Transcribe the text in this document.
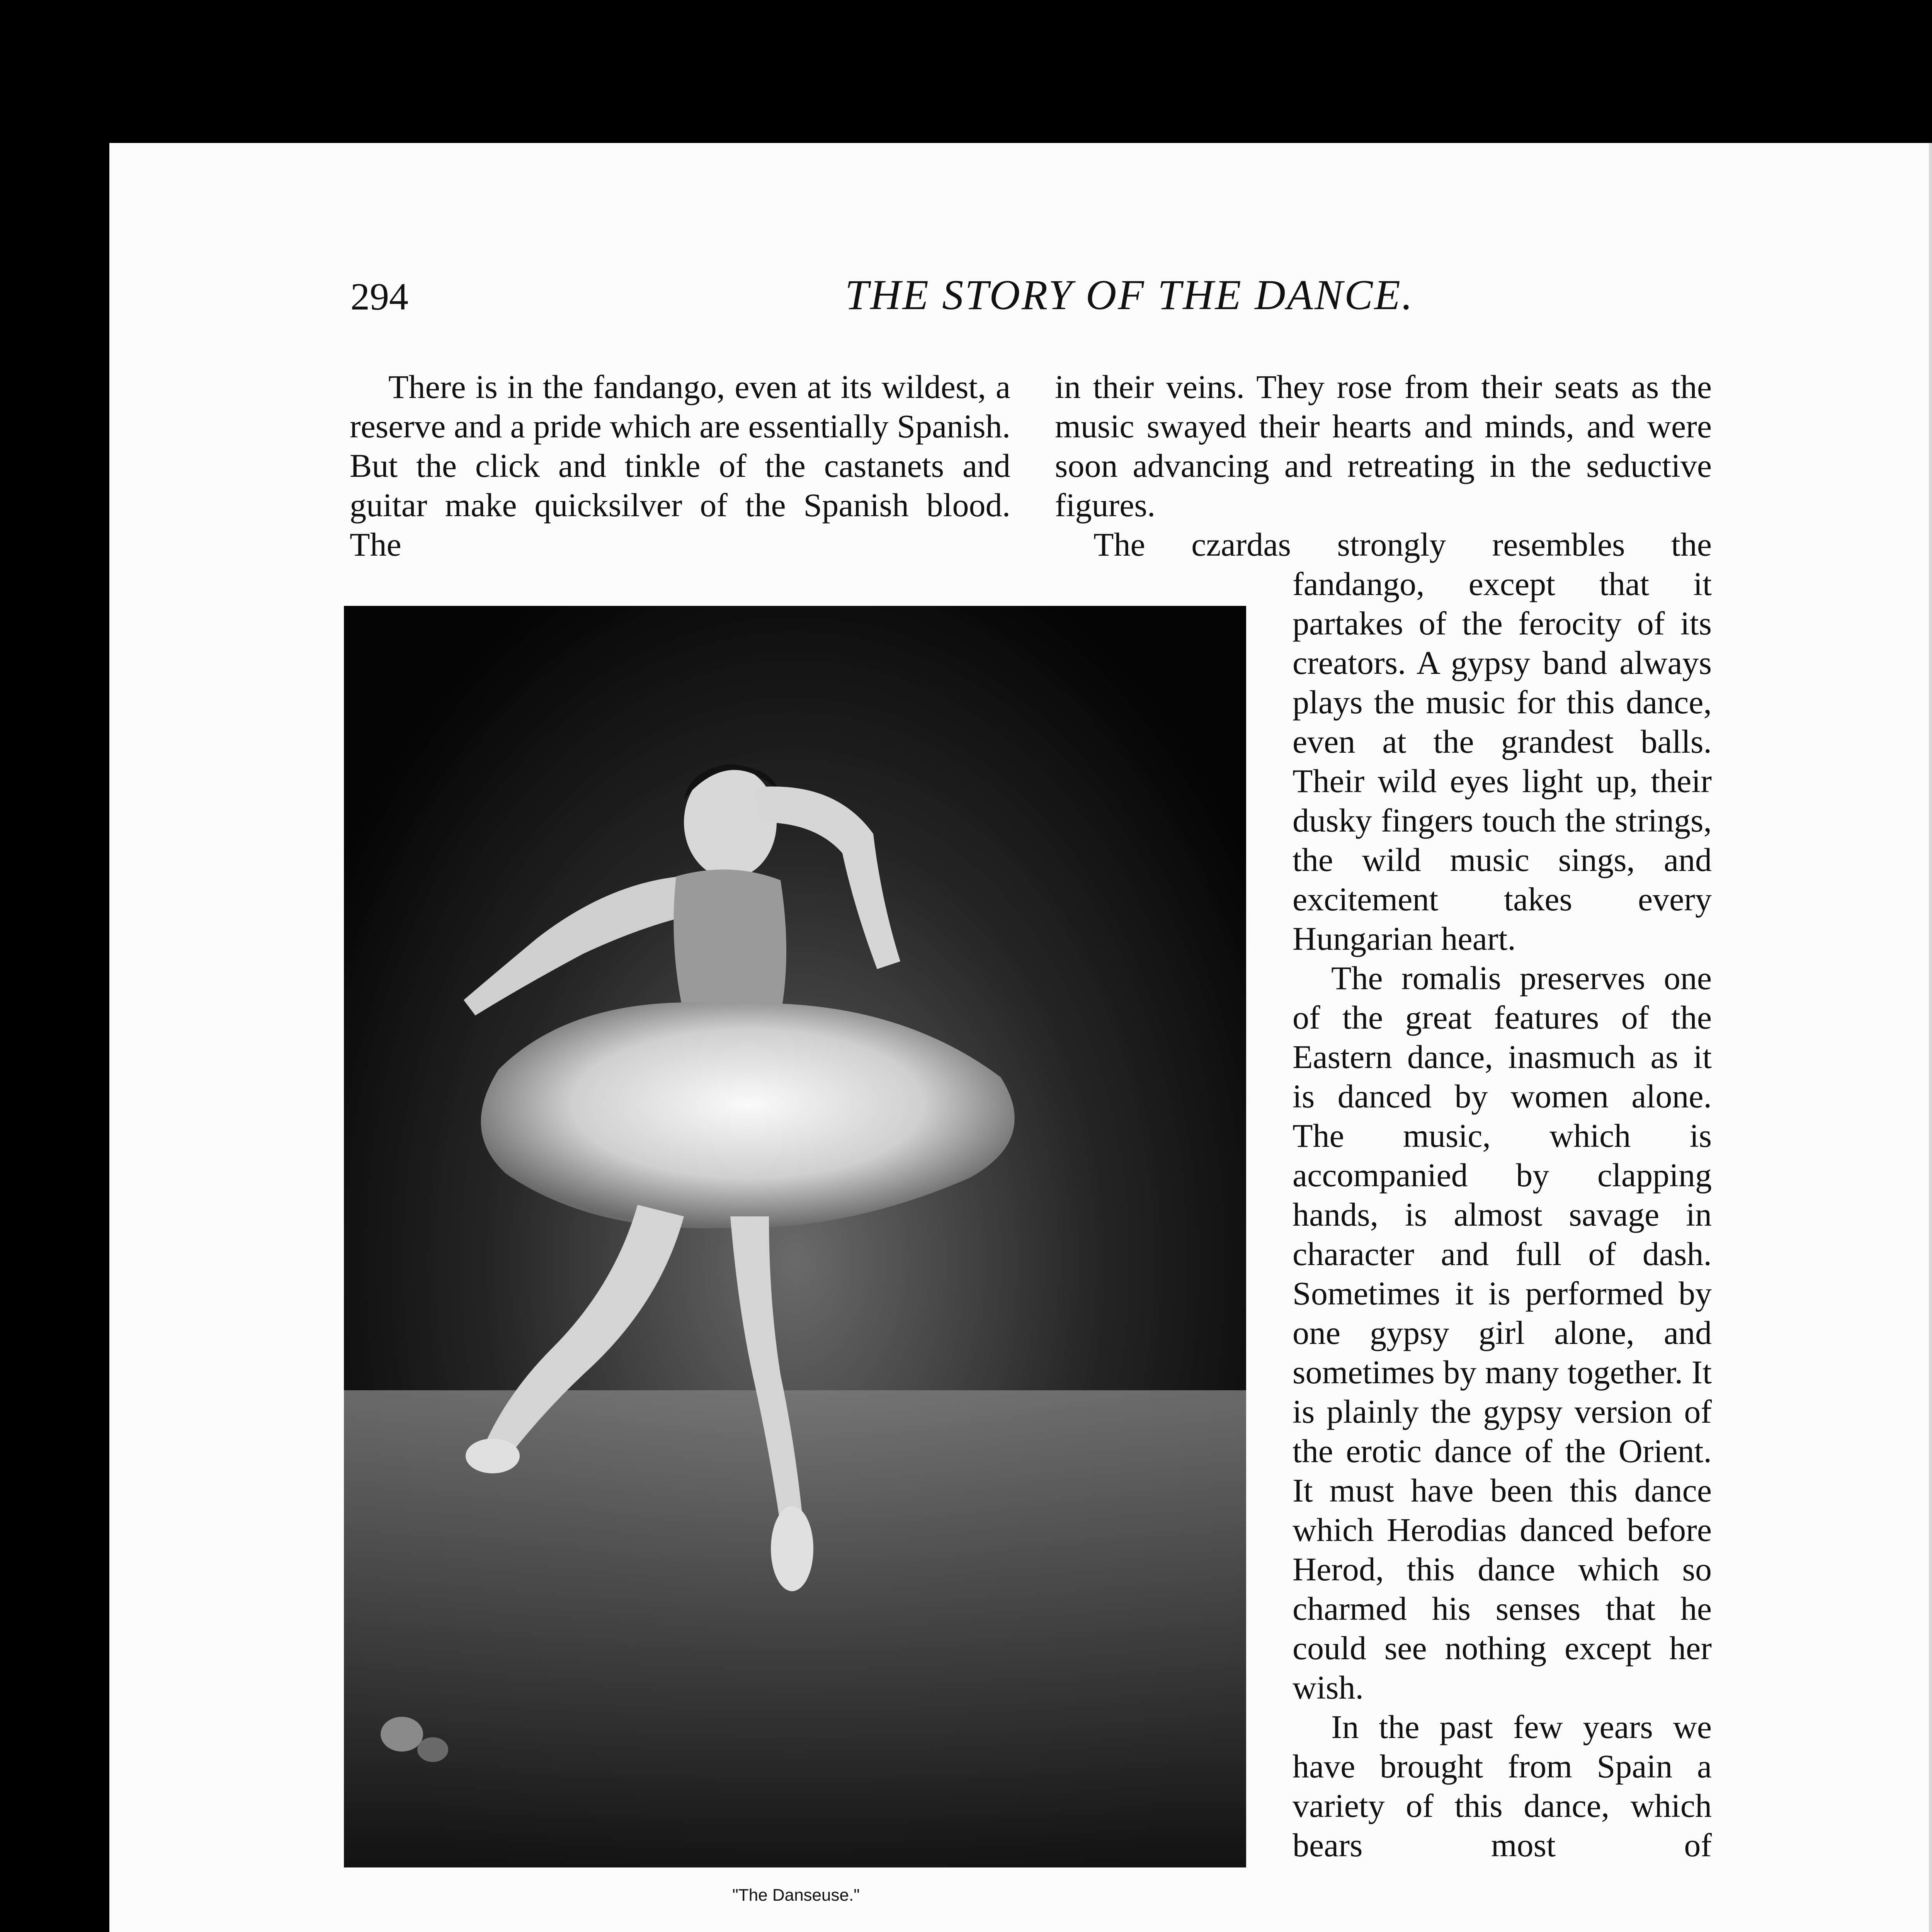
294	THE STORY OF THE DANCE.

There is in the fandango, even at its wildest, a reserve and a pride which are essentially Spanish. But the click and tinkle of the castanets and guitar make quicksilver of the Spanish blood. The

in their veins. They rose from their seats as the music swayed their hearts and minds, and were soon advancing and retreating in the seductive figures.

The czardas strongly resembles the

fandango, except that it partakes of the ferocity of its creators. A gypsy band always plays the music for this dance, even at the grandest balls. Their wild eyes light up, their dusky fingers touch the strings, the wild music sings, and excitement takes every Hungarian heart.

The romalis preserves one of the great features of the Eastern dance, inasmuch as it is danced by women alone. The music, which is accompanied by clapping hands, is almost savage in character and full of dash. Sometimes it is performed by one gypsy girl alone, and sometimes by many together. It is plainly the gypsy version of the erotic dance of the Orient. It must have been this dance which Herodias danced before Herod, this dance which so charmed his senses that he could see nothing except her wish.

In the past few years we have brought from Spain a variety of this dance, which bears most of

"The Danseuse."
